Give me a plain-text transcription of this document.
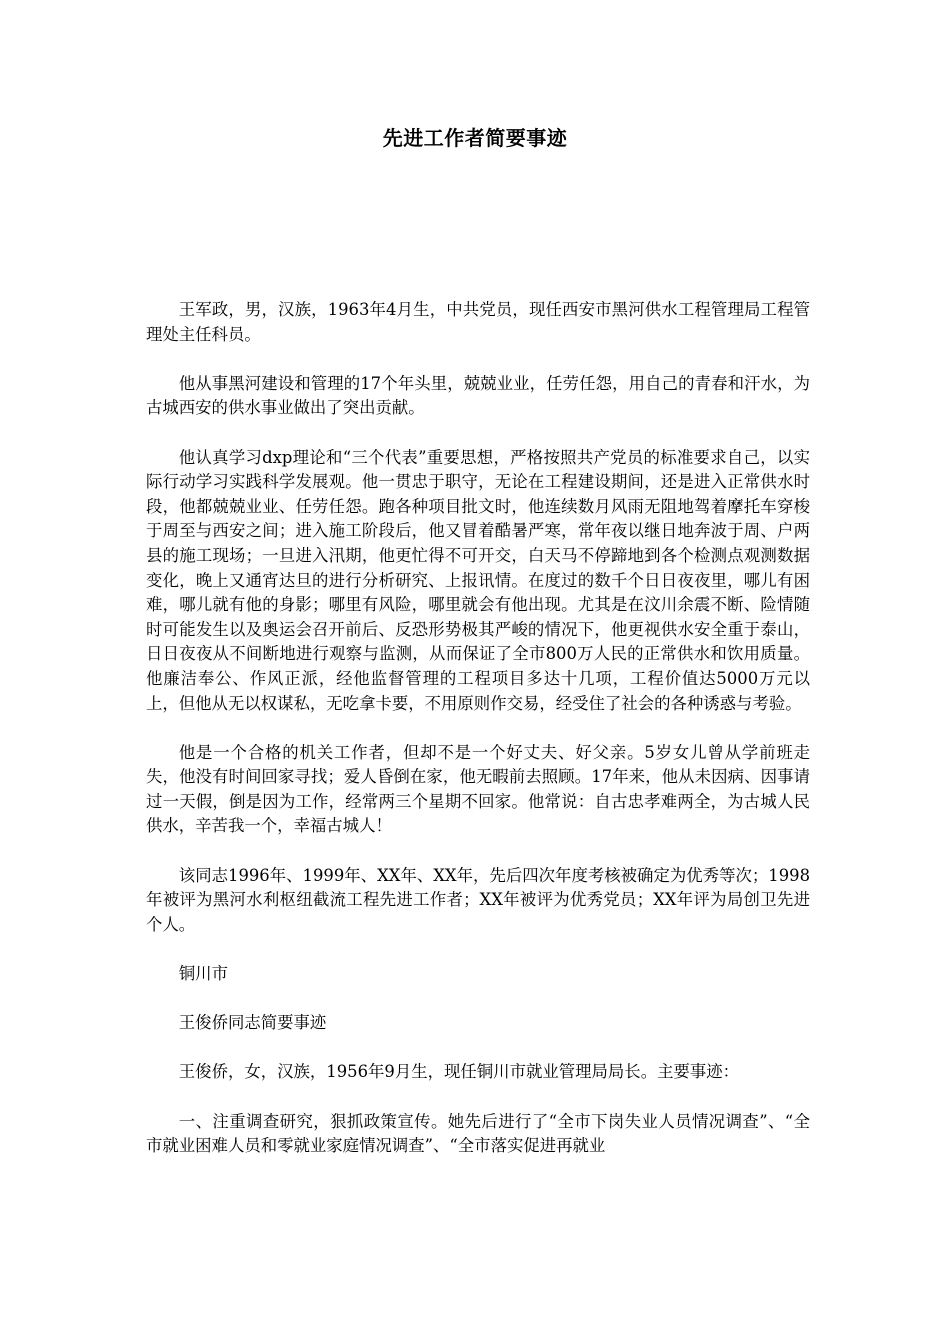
先进工作者简要事迹

王军政，男，汉族，1963年4月生，中共党员，现任西安市黑河供水工程管理局工程管理处主任科员。

他从事黑河建设和管理的17个年头里，兢兢业业，任劳任怨，用自己的青春和汗水，为古城西安的供水事业做出了突出贡献。

他认真学习dxp理论和“三个代表”重要思想，严格按照共产党员的标准要求自己，以实际行动学习实践科学发展观。他一贯忠于职守，无论在工程建设期间，还是进入正常供水时段，他都兢兢业业、任劳任怨。跑各种项目批文时，他连续数月风雨无阻地驾着摩托车穿梭于周至与西安之间；进入施工阶段后，他又冒着酷暑严寒，常年夜以继日地奔波于周、户两县的施工现场；一旦进入汛期，他更忙得不可开交，白天马不停蹄地到各个检测点观测数据变化，晚上又通宵达旦的进行分析研究、上报讯情。在度过的数千个日日夜夜里，哪儿有困难，哪儿就有他的身影；哪里有风险，哪里就会有他出现。尤其是在汶川余震不断、险情随时可能发生以及奥运会召开前后、反恐形势极其严峻的情况下，他更视供水安全重于泰山，日日夜夜从不间断地进行观察与监测，从而保证了全市800万人民的正常供水和饮用质量。他廉洁奉公、作风正派，经他监督管理的工程项目多达十几项，工程价值达5000万元以上，但他从无以权谋私，无吃拿卡要，不用原则作交易，经受住了社会的各种诱惑与考验。

他是一个合格的机关工作者，但却不是一个好丈夫、好父亲。5岁女儿曾从学前班走失，他没有时间回家寻找；爱人昏倒在家，他无暇前去照顾。17年来，他从未因病、因事请过一天假，倒是因为工作，经常两三个星期不回家。他常说：自古忠孝难两全，为古城人民供水，辛苦我一个，幸福古城人！

该同志1996年、1999年、XX年、XX年，先后四次年度考核被确定为优秀等次；1998年被评为黑河水利枢纽截流工程先进工作者；XX年被评为优秀党员；XX年评为局创卫先进个人。

铜川市

王俊侨同志简要事迹

王俊侨，女，汉族，1956年9月生，现任铜川市就业管理局局长。主要事迹：

一、注重调查研究，狠抓政策宣传。她先后进行了“全市下岗失业人员情况调查”、“全市就业困难人员和零就业家庭情况调查”、“全市落实促进再就业
